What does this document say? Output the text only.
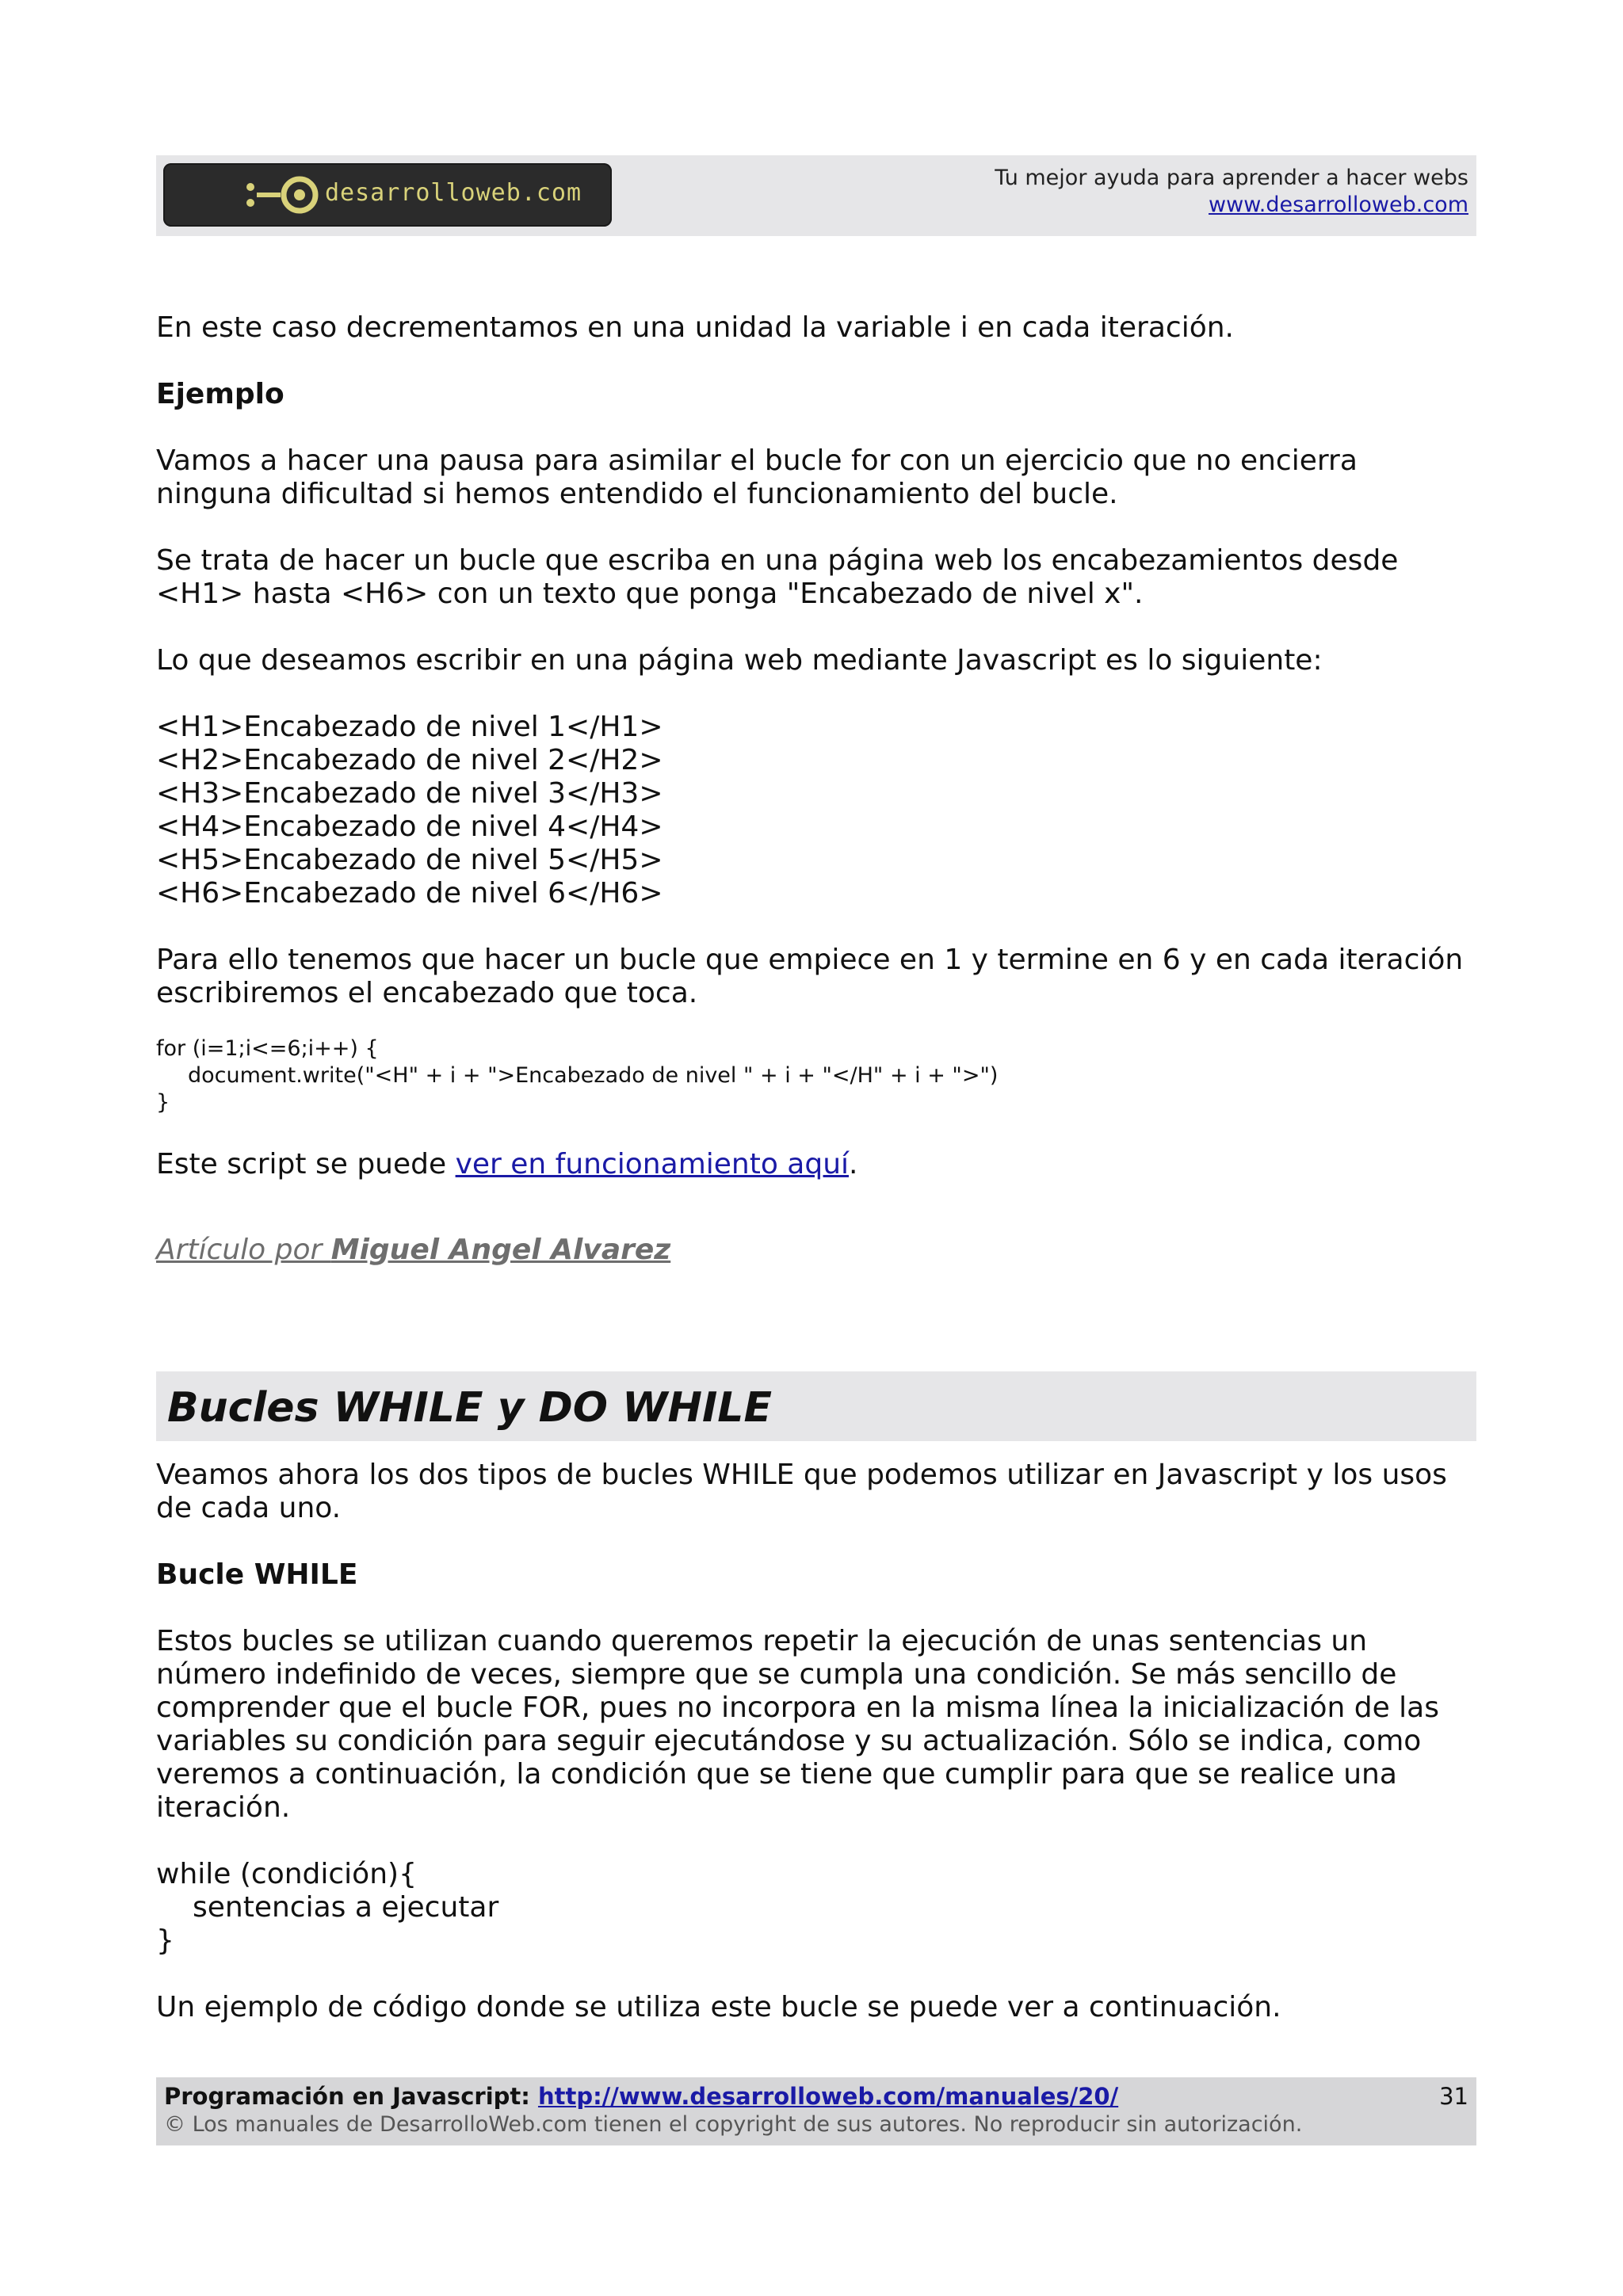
desarrolloweb.com
Tu mejor ayuda para aprender a hacer webs
www.desarrolloweb.com

En este caso decrementamos en una unidad la variable i en cada iteración.

Ejemplo

Vamos a hacer una pausa para asimilar el bucle for con un ejercicio que no encierra ninguna dificultad si hemos entendido el funcionamiento del bucle.

Se trata de hacer un bucle que escriba en una página web los encabezamientos desde <H1> hasta <H6> con un texto que ponga "Encabezado de nivel x".

Lo que deseamos escribir en una página web mediante Javascript es lo siguiente:

<H1>Encabezado de nivel 1</H1>
<H2>Encabezado de nivel 2</H2>
<H3>Encabezado de nivel 3</H3>
<H4>Encabezado de nivel 4</H4>
<H5>Encabezado de nivel 5</H5>
<H6>Encabezado de nivel 6</H6>

Para ello tenemos que hacer un bucle que empiece en 1 y termine en 6 y en cada iteración escribiremos el encabezado que toca.

for (i=1;i<=6;i++) {
document.write("<H" + i + ">Encabezado de nivel " + i + "</H" + i + ">")
}

Este script se puede ver en funcionamiento aquí.

Artículo por Miguel Angel Alvarez

Bucles WHILE y DO WHILE

Veamos ahora los dos tipos de bucles WHILE que podemos utilizar en Javascript y los usos de cada uno.

Bucle WHILE

Estos bucles se utilizan cuando queremos repetir la ejecución de unas sentencias un número indefinido de veces, siempre que se cumpla una condición. Se más sencillo de comprender que el bucle FOR, pues no incorpora en la misma línea la inicialización de las variables su condición para seguir ejecutándose y su actualización. Sólo se indica, como veremos a continuación, la condición que se tiene que cumplir para que se realice una iteración.

while (condición){
sentencias a ejecutar
}

Un ejemplo de código donde se utiliza este bucle se puede ver a continuación.

Programación en Javascript: http://www.desarrolloweb.com/manuales/20/
© Los manuales de DesarrolloWeb.com tienen el copyright de sus autores. No reproducir sin autorización.
31
